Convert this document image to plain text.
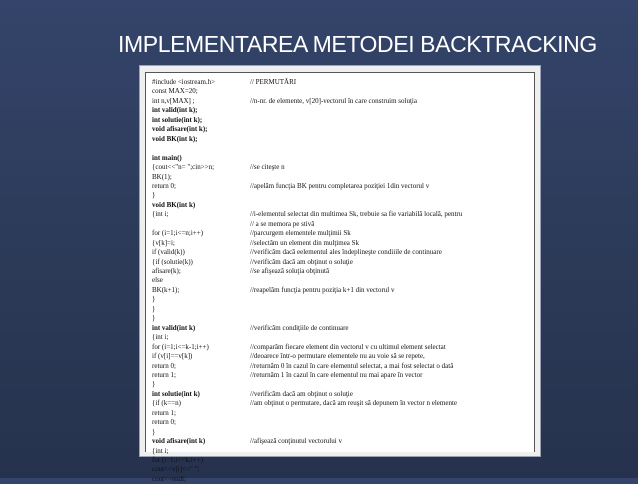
IMPLEMENTAREA METODEI BACKTRACKING
#include <iostream.h>	// PERMUTĂRI
const MAX=20;
int n,v[MAX] ;	//n-nr. de elemente, v[20]-vectorul în care construim soluţia
int valid(int k);
int solutie(int k);
void afisare(int k);
void BK(int k);
int main()
{cout<<"n= ";cin>>n;	//se citeşte n
BK(1);
return 0;	//apelăm funcţia BK pentru completarea poziţiei 1din vectorul v
}
void BK(int k)
{int i;	//i-elementul selectat din multimea Sk, trebuie sa fie variabilă locală, pentru
// a se memora pe stivă
for (i=1;i<=n;i++)	//parcurgem elementele mulţimii Sk
{v[k]=i;	//selectăm un element din mulţimea Sk
if (valid(k))	//verificăm dacă eelementul ales îndeplineşte condiiile de continuare
{if (solutie(k))	//verificăm dacă am obţinut o soluţie
afisare(k);	//se afişează soluţia obţinută
else
BK(k+1);	//reapelăm funcţia pentru poziţia k+1 din vectorul v
}
}
}
int valid(int k)	//verificăm condiţiile de continuare
{int i;
for (i=1;i<=k-1;i++)	//comparăm fiecare element din vectorul v cu ultimul element selectat
if (v[i]==v[k])	//deoarece într-o permutare elementele nu au voie să se repete,
return 0;	//returnăm 0 în cazul în care elementul selectat, a mai fost selectat o dată
return 1;	//returnăm 1 în cazul în care elementul nu mai apare în vector
}
int solutie(int k)	//verificăm dacă am obţinut o soluţie
{if (k==n)	//am obţinut o permutare, dacă am reuşit să depunem în vector n elemente
return 1;
return 0;
}
void afisare(int k)	//afişează conţinutul vectorului v
{int i;
for (i=1;i<=k;i++)
cout<<v[i]<<" ";
cout<<endl;
